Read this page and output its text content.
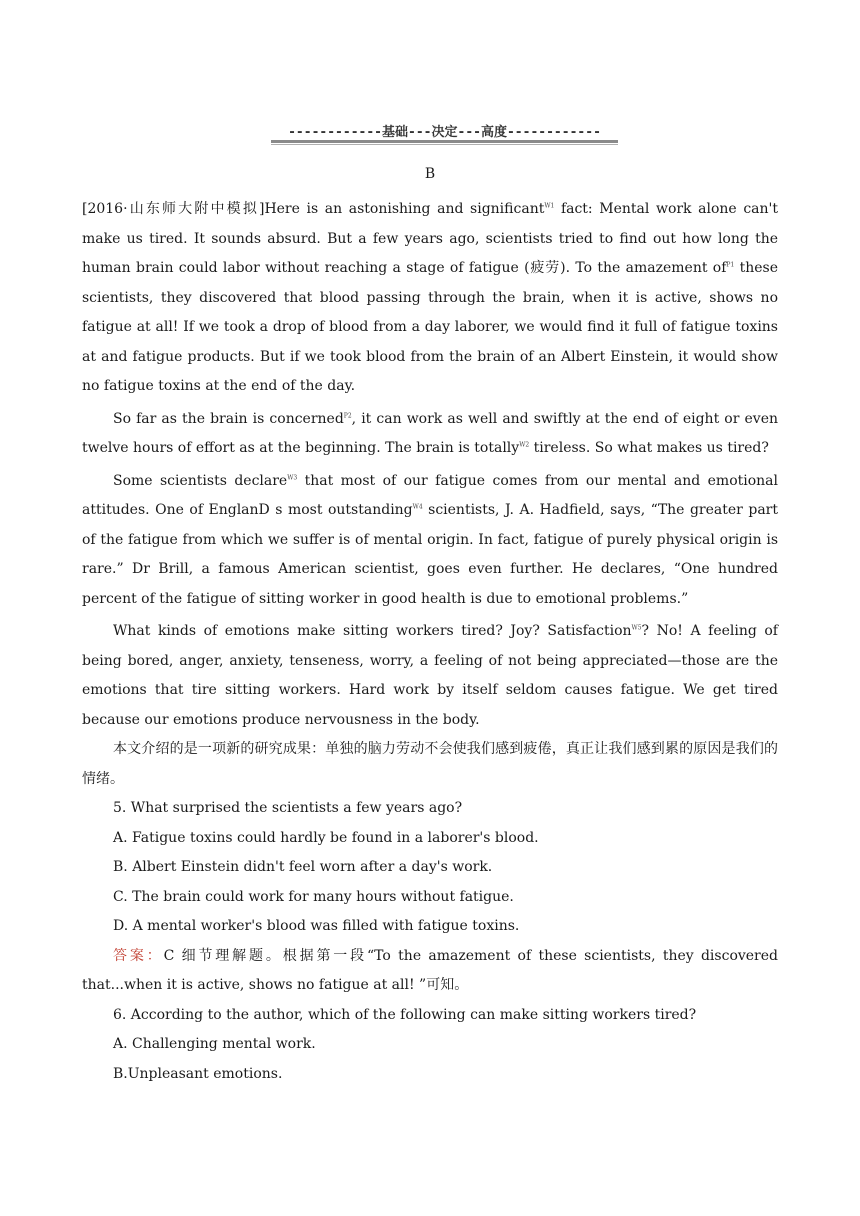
------------基础---决定---高度------------
B

[2016·山东师大附中模拟]Here is an astonishing and significant$^{W1}$ fact: Mental work alone can't make us tired. It sounds absurd. But a few years ago, scientists tried to find out how long the human brain could labor without reaching a stage of fatigue (疲劳). To the amazement $of^{P1}$ these scientists, they discovered that blood passing through the brain, when it is active, shows no fatigue at all! If we took a drop of blood from a day laborer, we would find it full of fatigue toxins at and fatigue products. But if we took blood from the brain of an Albert Einstein, it would show no fatigue toxins at the end of the day.

So far as the brain is concerned$^{P2}$, it can work as well and swiftly at the end of eight or even twelve hours of effort as at the beginning. The brain is totally$^{W2}$ tireless. So what makes us tired?

Some scientists declare$^{W3}$ that most of our fatigue comes from our mental and emotional attitudes. One of EnglanD s most outstanding$^{W4}$ scientists, J. A. Hadfield, says, “The greater part of the fatigue from which we suffer is of mental origin. In fact, fatigue of purely physical origin is rare.” Dr Brill, a famous American scientist, goes even further. He declares, “One hundred percent of the fatigue of sitting worker in good health is due to emotional problems.”

What kinds of emotions make sitting workers tired? Joy? Satisfaction$^{W5}$? No! A feeling of being bored, anger, anxiety, tenseness, worry, a feeling of not being appreciated—those are the emotions that tire sitting workers. Hard work by itself seldom causes fatigue. We get tired because our emotions produce nervousness in the body.

本文介绍的是一项新的研究成果：单独的脑力劳动不会使我们感到疲倦，真正让我们感到累的原因是我们的情绪。

5. What surprised the scientists a few years ago?

A. Fatigue toxins could hardly be found in a laborer's blood.

B. Albert Einstein didn't feel worn after a day's work.

C. The brain could work for many hours without fatigue.

D. A mental worker's blood was filled with fatigue toxins.

答案：C 细节理解题。根据第一段“To the amazement of these scientists, they discovered that...when it is active, shows no fatigue at all! ”可知。

6. According to the author, which of the following can make sitting workers tired?

A. Challenging mental work.

B.Unpleasant emotions.
